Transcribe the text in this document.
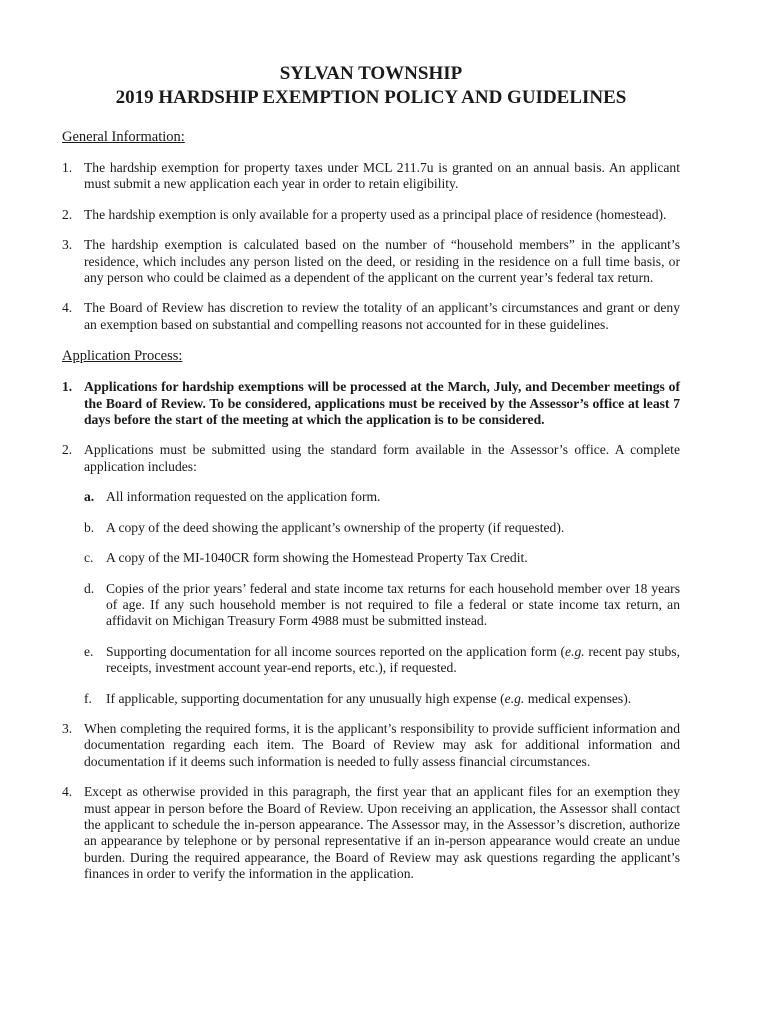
SYLVAN TOWNSHIP
2019 HARDSHIP EXEMPTION POLICY AND GUIDELINES
General Information:
1. The hardship exemption for property taxes under MCL 211.7u is granted on an annual basis. An applicant must submit a new application each year in order to retain eligibility.
2. The hardship exemption is only available for a property used as a principal place of residence (homestead).
3. The hardship exemption is calculated based on the number of “household members” in the applicant’s residence, which includes any person listed on the deed, or residing in the residence on a full time basis, or any person who could be claimed as a dependent of the applicant on the current year’s federal tax return.
4. The Board of Review has discretion to review the totality of an applicant’s circumstances and grant or deny an exemption based on substantial and compelling reasons not accounted for in these guidelines.
Application Process:
1. Applications for hardship exemptions will be processed at the March, July, and December meetings of the Board of Review. To be considered, applications must be received by the Assessor’s office at least 7 days before the start of the meeting at which the application is to be considered.
2. Applications must be submitted using the standard form available in the Assessor’s office. A complete application includes:
a. All information requested on the application form.
b. A copy of the deed showing the applicant’s ownership of the property (if requested).
c. A copy of the MI-1040CR form showing the Homestead Property Tax Credit.
d. Copies of the prior years’ federal and state income tax returns for each household member over 18 years of age. If any such household member is not required to file a federal or state income tax return, an affidavit on Michigan Treasury Form 4988 must be submitted instead.
e. Supporting documentation for all income sources reported on the application form (e.g. recent pay stubs, receipts, investment account year-end reports, etc.), if requested.
f. If applicable, supporting documentation for any unusually high expense (e.g. medical expenses).
3. When completing the required forms, it is the applicant’s responsibility to provide sufficient information and documentation regarding each item. The Board of Review may ask for additional information and documentation if it deems such information is needed to fully assess financial circumstances.
4. Except as otherwise provided in this paragraph, the first year that an applicant files for an exemption they must appear in person before the Board of Review. Upon receiving an application, the Assessor shall contact the applicant to schedule the in-person appearance. The Assessor may, in the Assessor’s discretion, authorize an appearance by telephone or by personal representative if an in-person appearance would create an undue burden. During the required appearance, the Board of Review may ask questions regarding the applicant’s finances in order to verify the information in the application.
